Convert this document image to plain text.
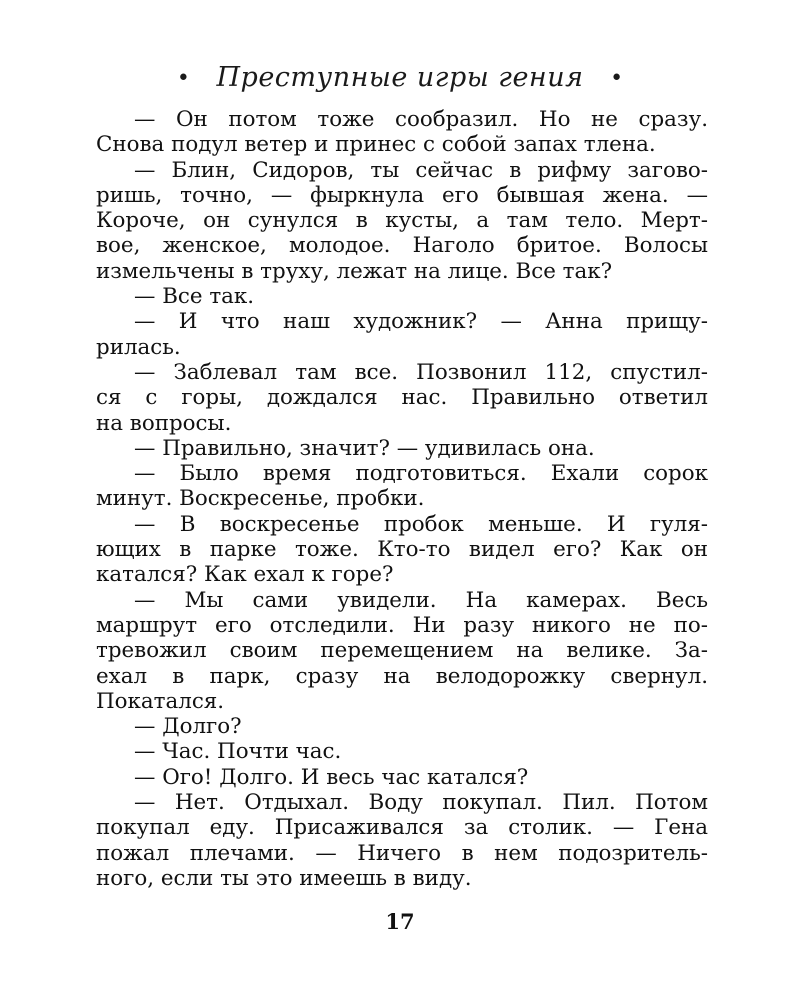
• Преступные игры гения •
— Он потом тоже сообразил. Но не сразу.
Снова подул ветер и принес с собой запах тлена.
— Блин, Сидоров, ты сейчас в рифму загово-
ришь, точно, — фыркнула его бывшая жена. —
Короче, он сунулся в кусты, а там тело. Мерт-
вое, женское, молодое. Наголо бритое. Волосы
измельчены в труху, лежат на лице. Все так?
— Все так.
— И что наш художник? — Анна прищу-
рилась.
— Заблевал там все. Позвонил 112, спустил-
ся с горы, дождался нас. Правильно ответил
на вопросы.
— Правильно, значит? — удивилась она.
— Было время подготовиться. Ехали сорок
минут. Воскресенье, пробки.
— В воскресенье пробок меньше. И гуля-
ющих в парке тоже. Кто-то видел его? Как он
катался? Как ехал к горе?
— Мы сами увидели. На камерах. Весь
маршрут его отследили. Ни разу никого не по-
тревожил своим перемещением на велике. За-
ехал в парк, сразу на велодорожку свернул.
Покатался.
— Долго?
— Час. Почти час.
— Ого! Долго. И весь час катался?
— Нет. Отдыхал. Воду покупал. Пил. Потом
покупал еду. Присаживался за столик. — Гена
пожал плечами. — Ничего в нем подозритель-
ного, если ты это имеешь в виду.
17
